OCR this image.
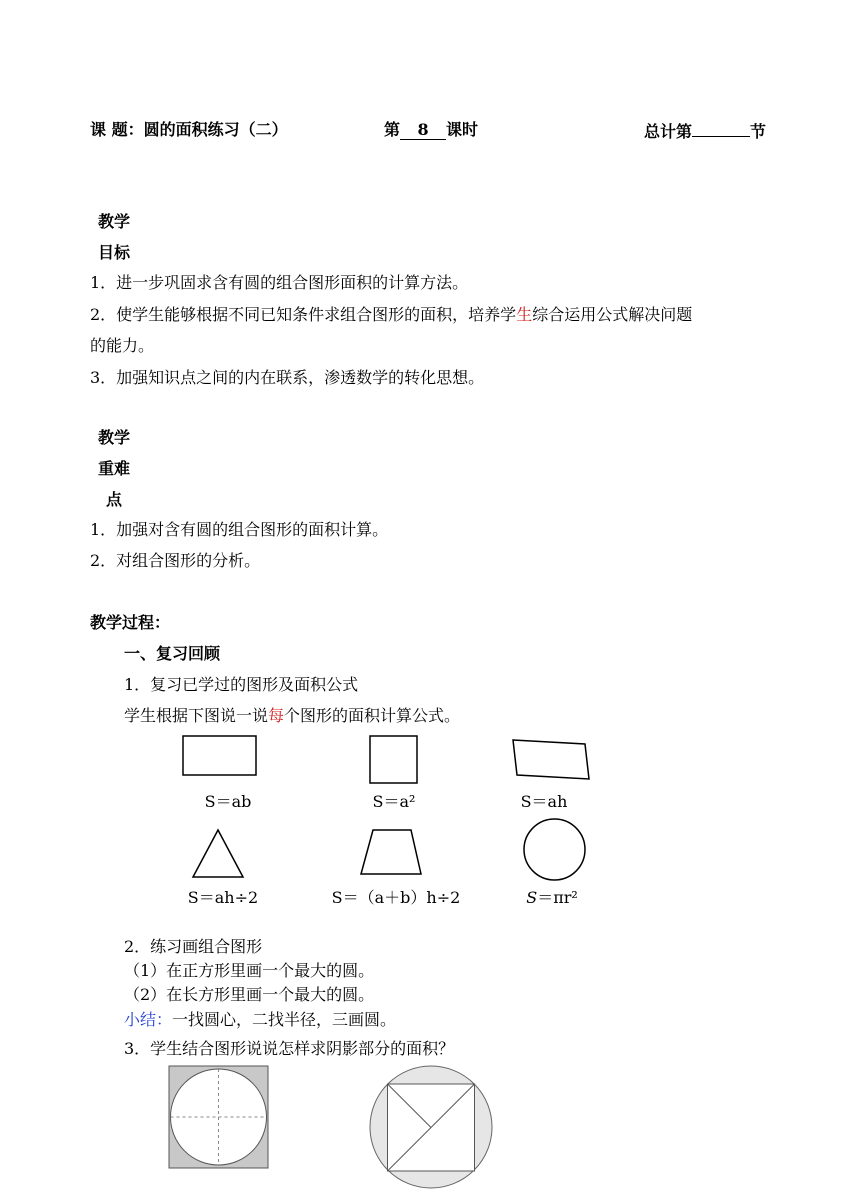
课 题：圆的面积练习（二）	第 8 课时	总计第	节
教学
目标
1．进一步巩固求含有圆的组合图形面积的计算方法。
2．使学生能够根据不同已知条件求组合图形的面积，培养学生综合运用公式解决问题
的能力。
3．加强知识点之间的内在联系，渗透数学的转化思想。
教学
重难
点
1．加强对含有圆的组合图形的面积计算。
2．对组合图形的分析。
教学过程：
一、复习回顾
1．复习已学过的图形及面积公式
学生根据下图说一说每个图形的面积计算公式。
S＝ab	S＝a²	S＝ah
S＝ah÷2	S＝（a＋b）h÷2	S＝πr²
2．练习画组合图形
（1）在正方形里画一个最大的圆。
（2）在长方形里画一个最大的圆。
小结：一找圆心，二找半径，三画圆。
3．学生结合图形说说怎样求阴影部分的面积？
